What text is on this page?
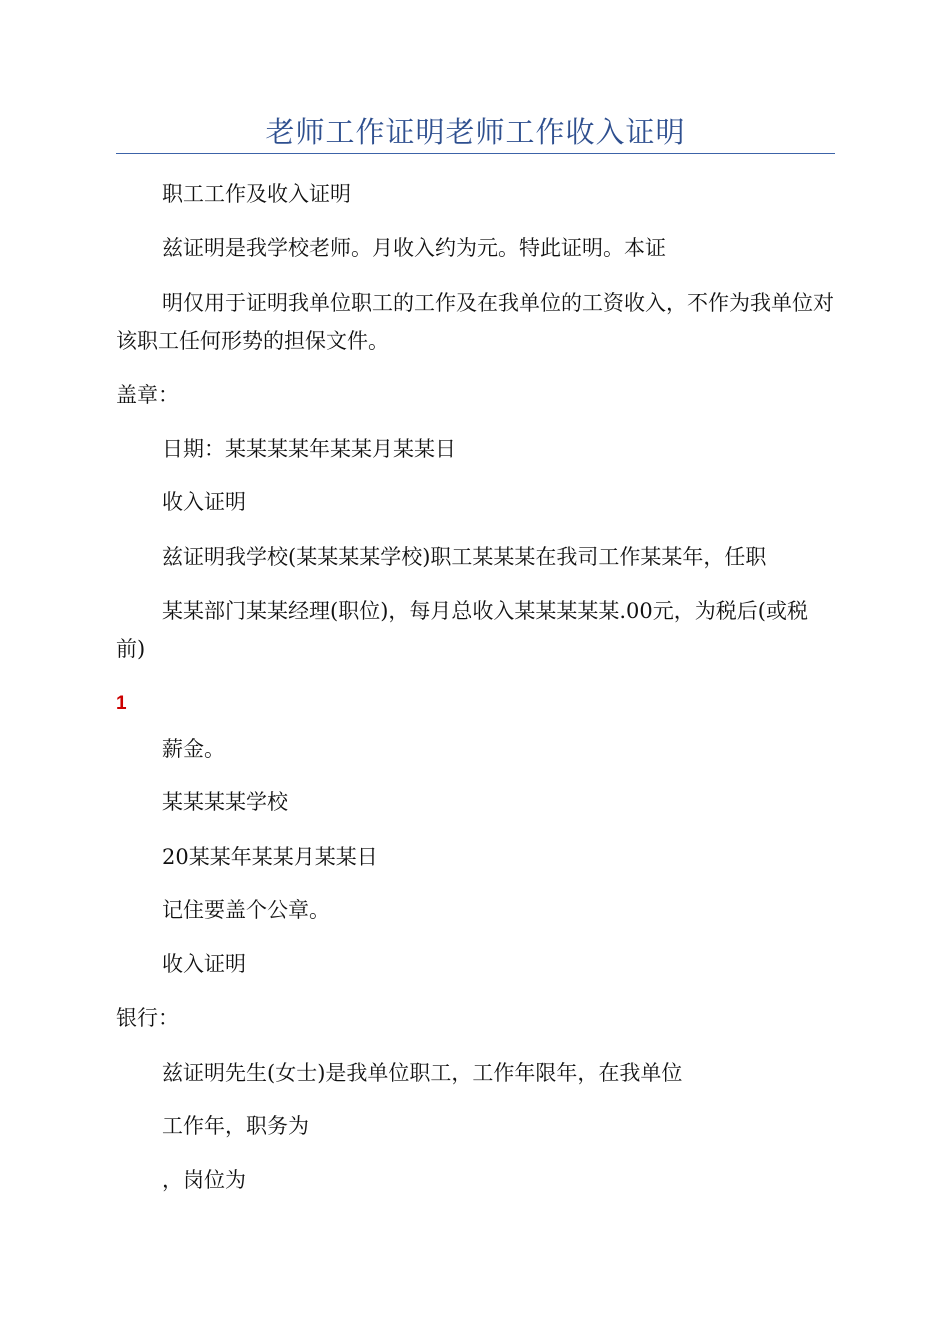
老师工作证明老师工作收入证明
职工工作及收入证明
兹证明是我学校老师。月收入约为元。特此证明。本证
明仅用于证明我单位职工的工作及在我单位的工资收入，不作为我单位对该职工任何形势的担保文件。
盖章：
日期：某某某某年某某月某某日
收入证明
兹证明我学校(某某某某学校)职工某某某在我司工作某某年，任职
某某部门某某经理(职位)，每月总收入某某某某某.00元，为税后(或税前)
1
薪金。
某某某某学校
20某某年某某月某某日
记住要盖个公章。
收入证明
银行：
兹证明先生(女士)是我单位职工，工作年限年，在我单位
工作年，职务为
，岗位为
